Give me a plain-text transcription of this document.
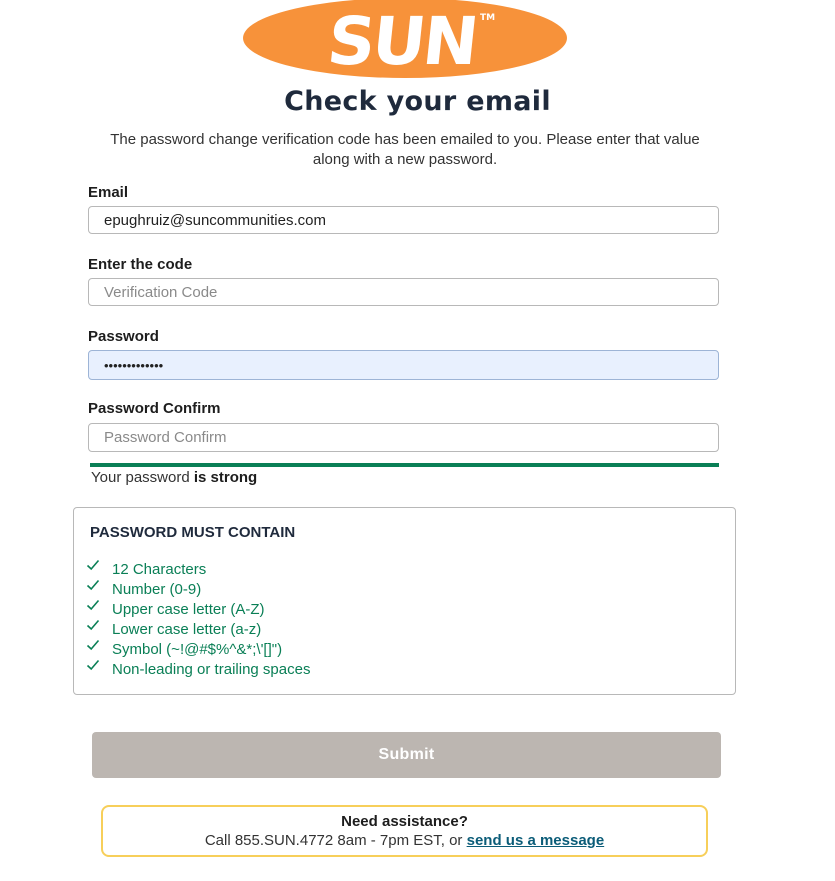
SUN TM
Check your email
The password change verification code has been emailed to you. Please enter that value along with a new password.
Email
epughruiz@suncommunities.com
Enter the code
Verification Code
Password
•••••••••••••
Password Confirm
Password Confirm
Your password is strong
PASSWORD MUST CONTAIN
12 Characters
Number (0-9)
Upper case letter (A-Z)
Lower case letter (a-z)
Symbol (~!@#$%^&*;\'[]")
Non-leading or trailing spaces
Submit
Need assistance?
Call 855.SUN.4772 8am - 7pm EST, or send us a message
